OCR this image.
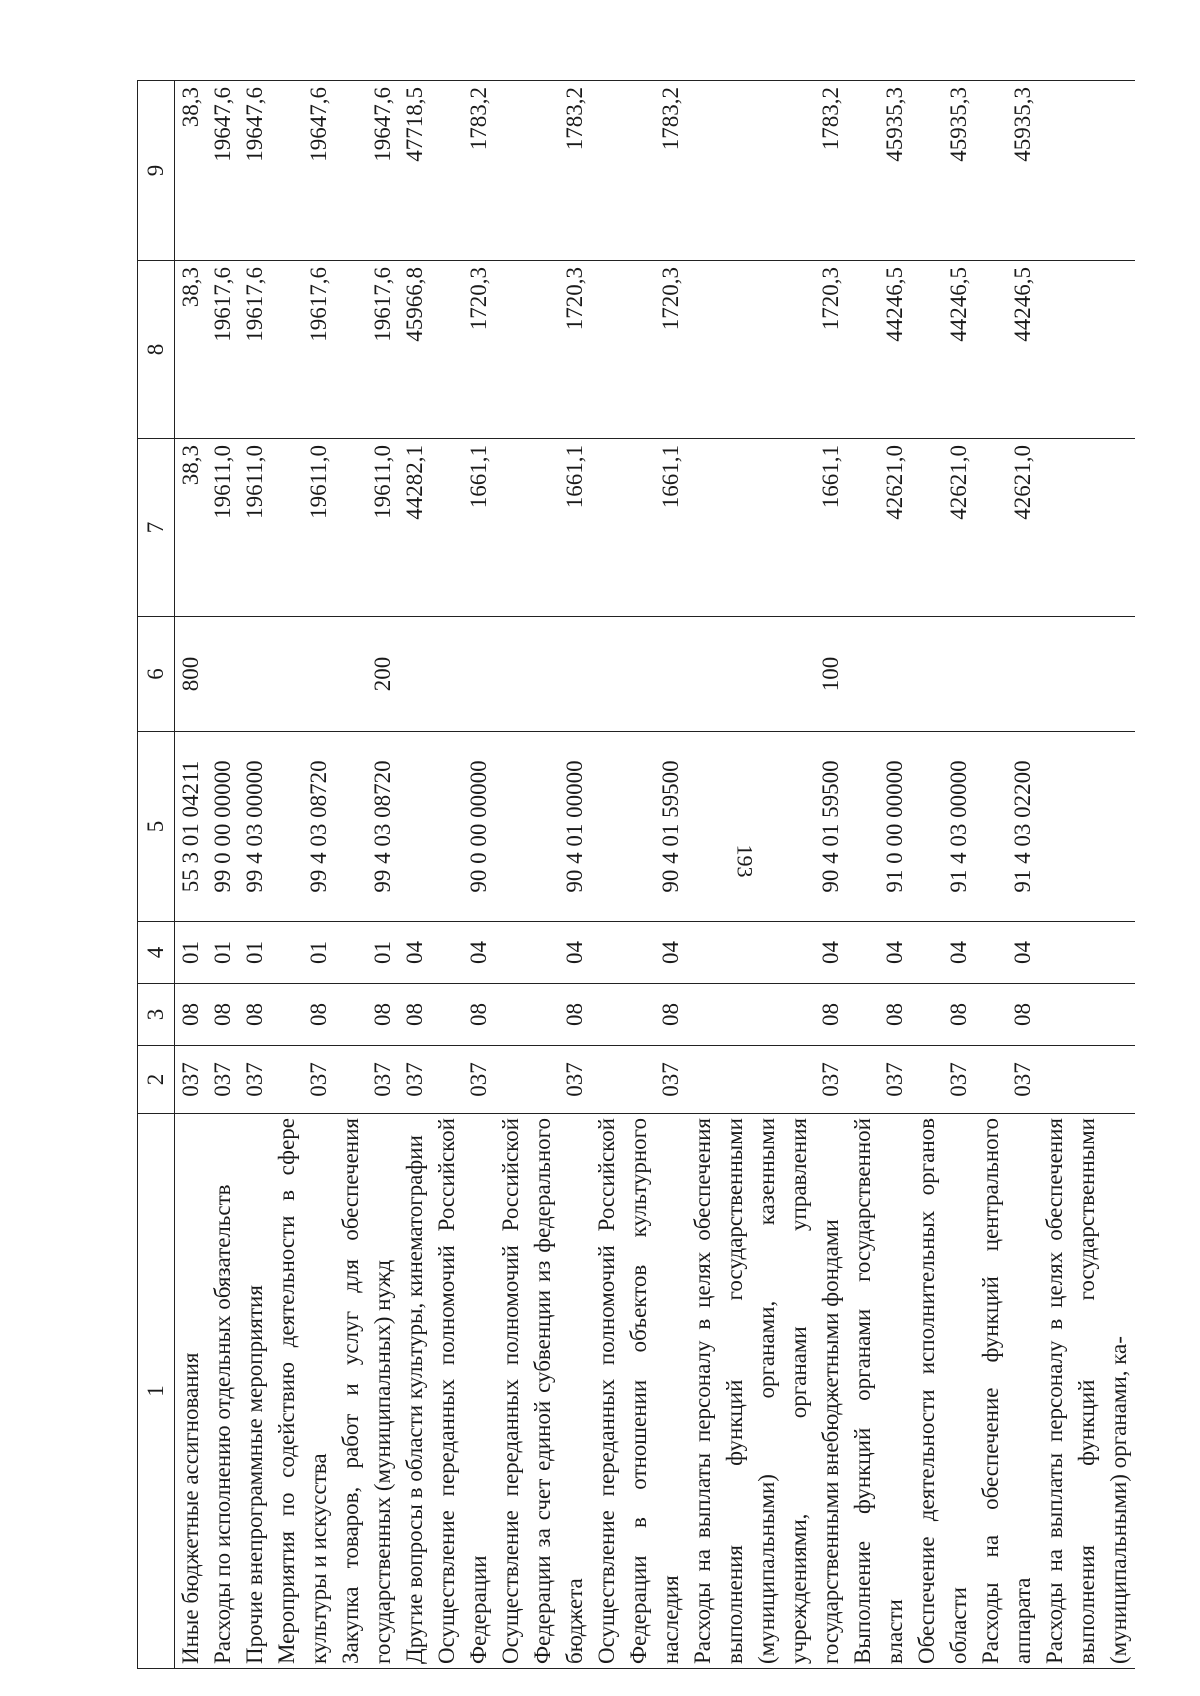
193
1	2	3	4	5	6	7	8	9
Иные бюджетные ассигнования	037	08	01	55 3 01 04211	800	38,3	38,3	38,3
Расходы по исполнению отдельных обязательств	037	08	01	99 0 00 00000		19611,0	19617,6	19647,6
Прочие внепрограммные мероприятия	037	08	01	99 4 03 00000		19611,0	19617,6	19647,6
Мероприятия по содействию деятельности в сфере культуры и искусства	037	08	01	99 4 03 08720		19611,0	19617,6	19647,6
Закупка товаров, работ и услуг для обеспечения государственных (муниципальных) нужд	037	08	01	99 4 03 08720	200	19611,0	19617,6	19647,6
Другие вопросы в области культуры, кинематографии	037	08	04			44282,1	45966,8	47718,5
Осуществление переданных полномочий Российской Федерации	037	08	04	90 0 00 00000		1661,1	1720,3	1783,2
Осуществление переданных полномочий Российской Федерации за счет единой субвенции из федерального бюджета	037	08	04	90 4 01 00000		1661,1	1720,3	1783,2
Осуществление переданных полномочий Российской Федерации в отношении объектов культурного наследия	037	08	04	90 4 01 59500		1661,1	1720,3	1783,2
Расходы на выплаты персоналу в целях обеспечения выполнения функций государственными (муниципальными) органами, казенными учреждениями, органами управления государственными внебюджетными фондами	037	08	04	90 4 01 59500	100	1661,1	1720,3	1783,2
Выполнение функций органами государственной власти	037	08	04	91 0 00 00000		42621,0	44246,5	45935,3
Обеспечение деятельности исполнительных органов области	037	08	04	91 4 03 00000		42621,0	44246,5	45935,3
Расходы на обеспечение функций центрального аппарата	037	08	04	91 4 03 02200		42621,0	44246,5	45935,3
Расходы на выплаты персоналу в целях обеспечения выполнения функций государственными (муниципальными) органами, ка-								
